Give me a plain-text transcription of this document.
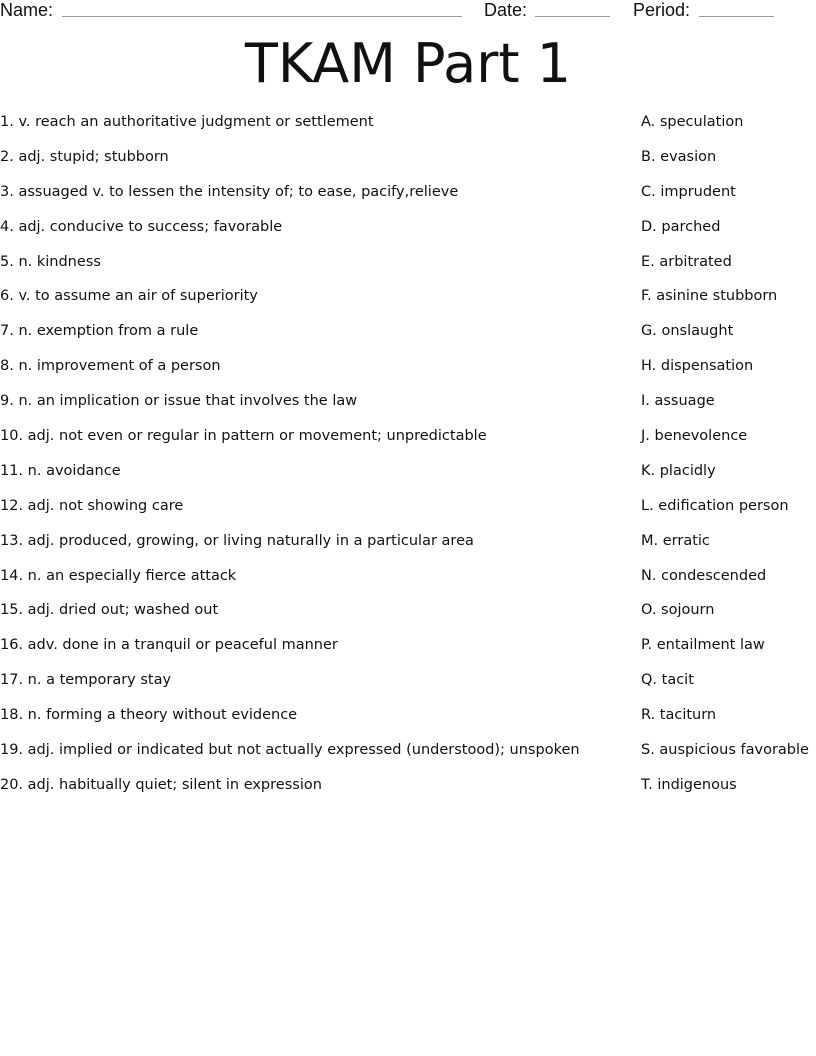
Name:	Date:	Period:
TKAM Part 1
1. v. reach an authoritative judgment or settlement
2. adj. stupid; stubborn
3. assuaged v. to lessen the intensity of; to ease, pacify,relieve
4. adj. conducive to success; favorable
5. n. kindness
6. v. to assume an air of superiority
7. n. exemption from a rule
8. n. improvement of a person
9. n. an implication or issue that involves the law
10. adj. not even or regular in pattern or movement; unpredictable
11. n. avoidance
12. adj. not showing care
13. adj. produced, growing, or living naturally in a particular area
14. n. an especially fierce attack
15. adj. dried out; washed out
16. adv. done in a tranquil or peaceful manner
17. n. a temporary stay
18. n. forming a theory without evidence
19. adj. implied or indicated but not actually expressed (understood); unspoken
20. adj. habitually quiet; silent in expression
A. speculation
B. evasion
C. imprudent
D. parched
E. arbitrated
F. asinine stubborn
G. onslaught
H. dispensation
I. assuage
J. benevolence
K. placidly
L. edification person
M. erratic
N. condescended
O. sojourn
P. entailment law
Q. tacit
R. taciturn
S. auspicious favorable
T. indigenous
